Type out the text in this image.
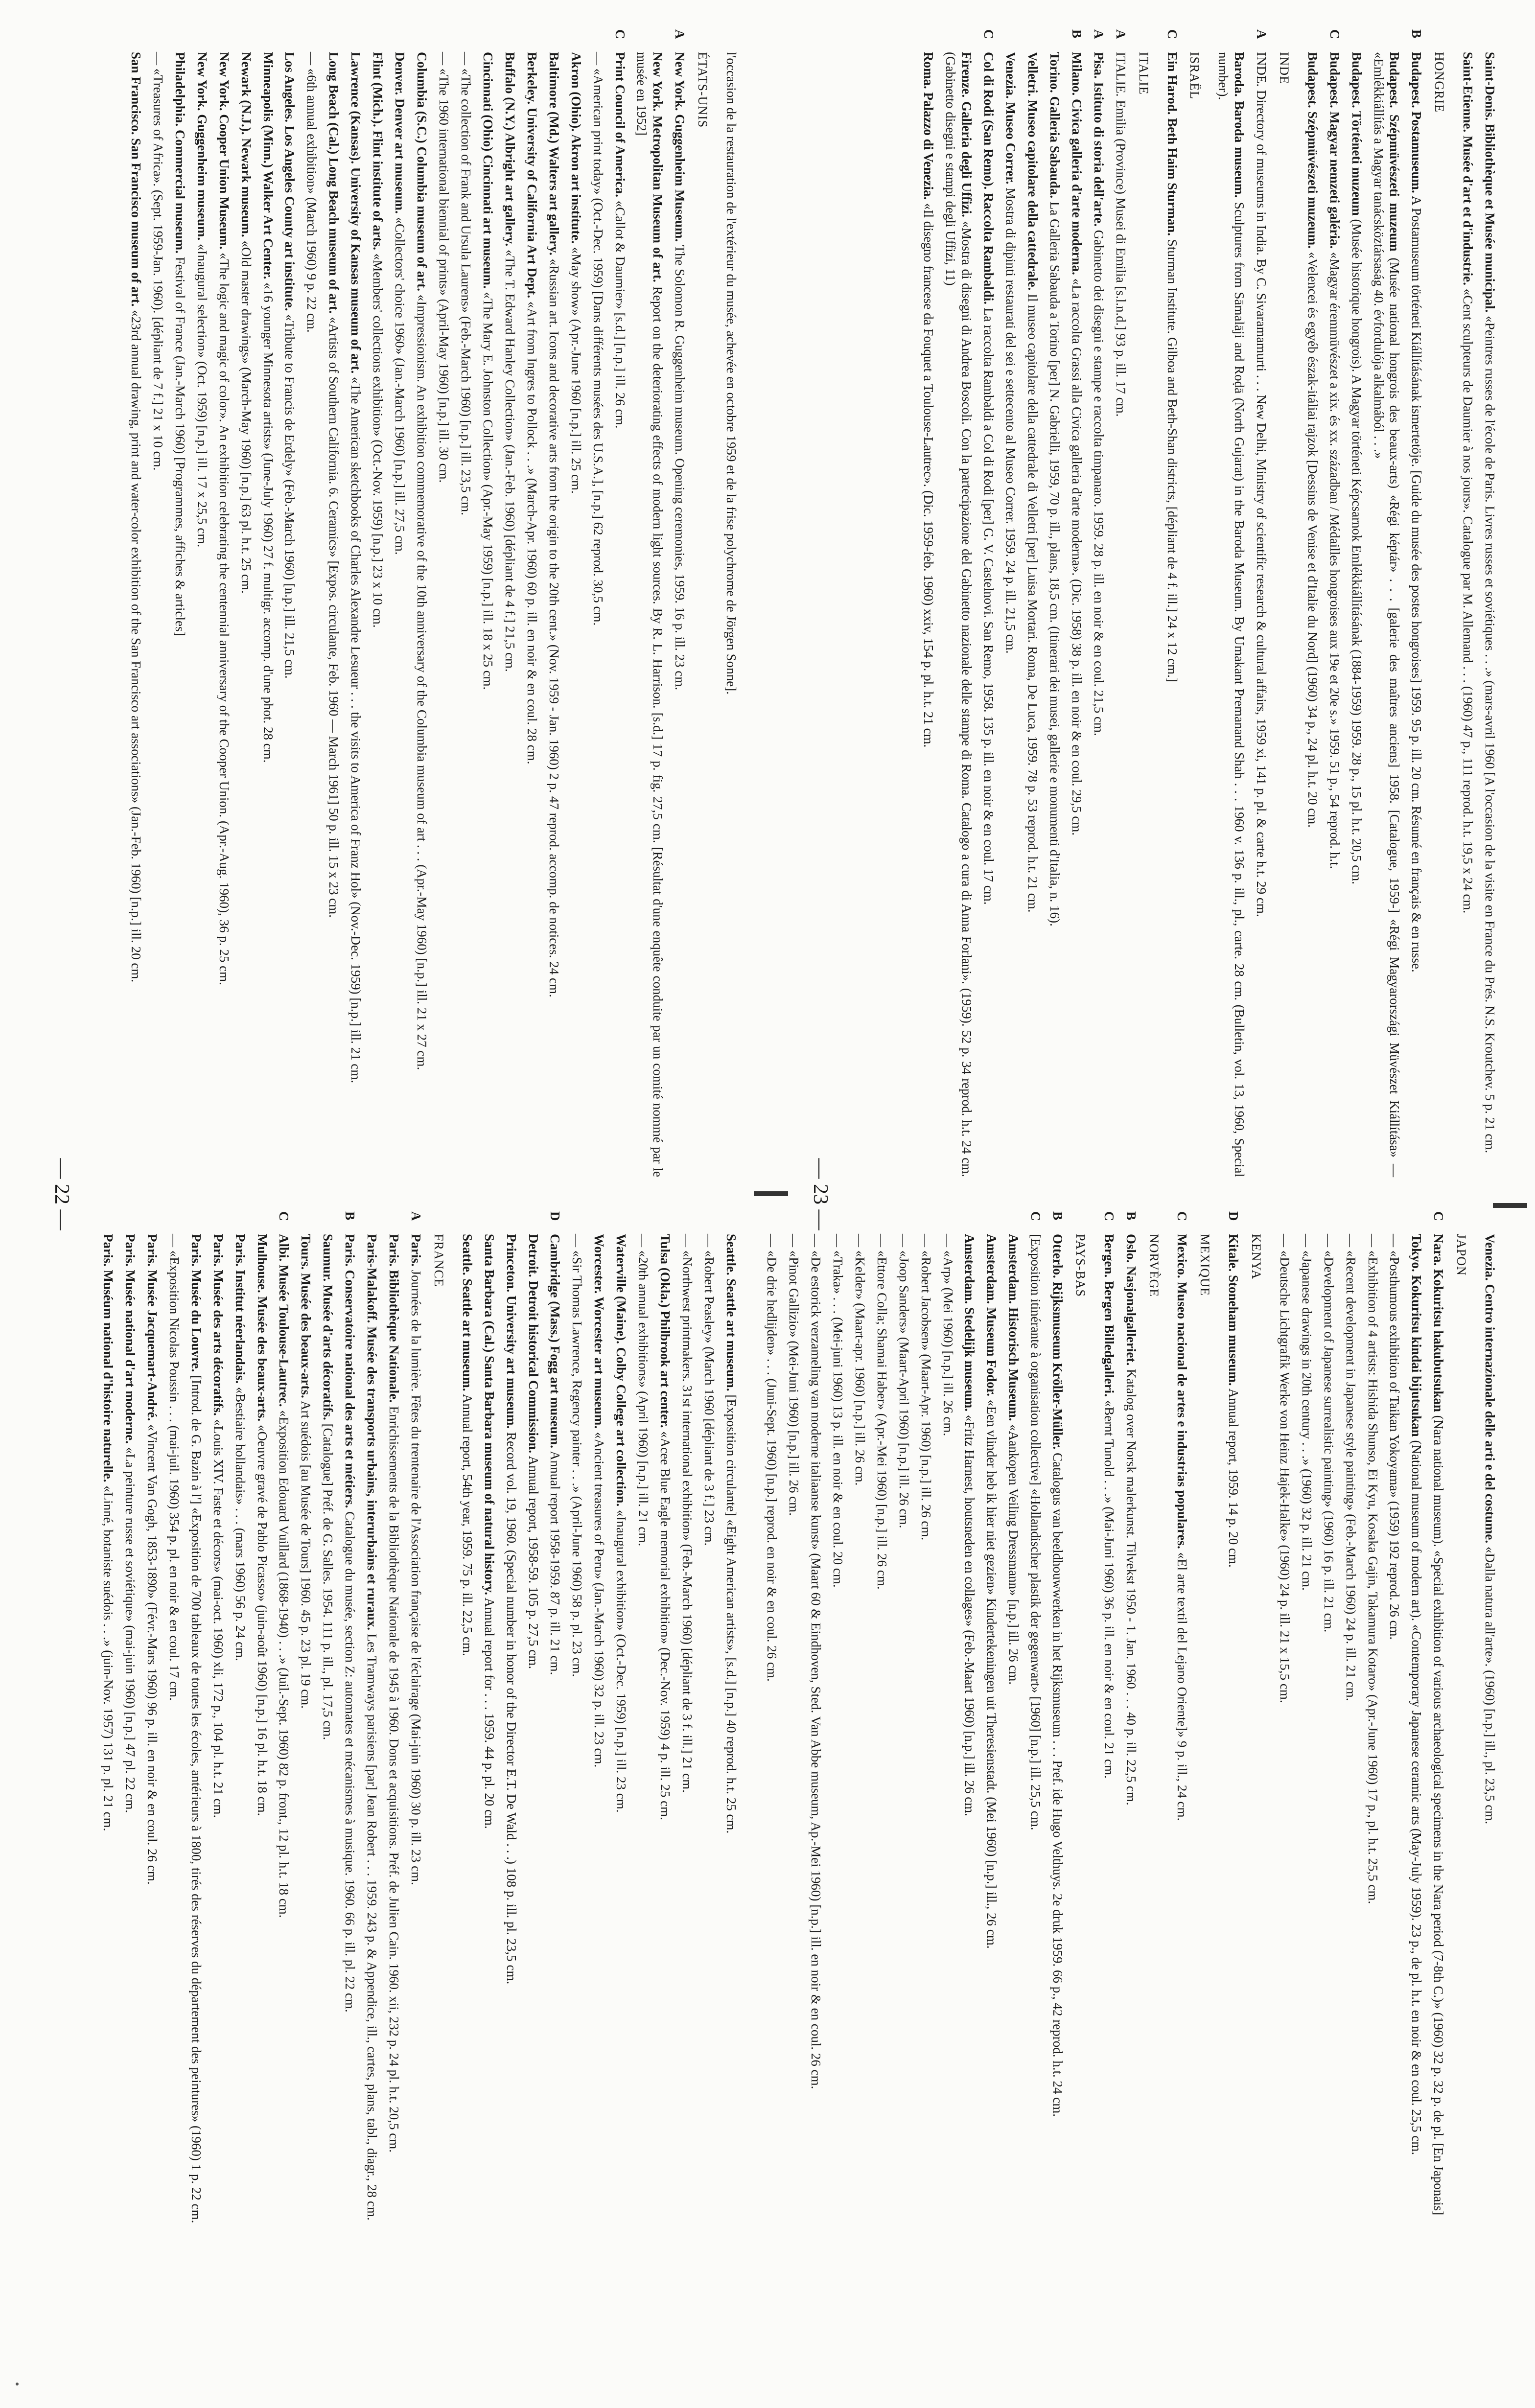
l'occasion de la restauration de l'extérieur du musée, achevée en octobre 1959 et de la frise polychrome de Jörgen Sonne].
ÉTATS-UNIS
A
New York. Guggenheim Museum. The Solomon R. Guggenheim museum. Opening ceremonies, 1959. 16 p. ill. 23 cm.
New York. Metropolitan Museum of art. Report on the deteriorating effects of modern light sources. By R. L. Harrison. [s.d.] 17 p. fig. 27,5 cm. [Résultat d'une enquête conduite par un comité nommé par le musée en 1952]
C
Print Council of America. «Callot & Daumier» [s.d.] [n.p.] ill. 26 cm.
— «American print today» (Oct.-Dec. 1959) [Dans différents musées des U.S.A.], [n.p.] 62 reprod. 30,5 cm.
Akron (Ohio). Akron art institute. «May show» (Apr.-June 1960 [n.p.] ill. 25 cm.
Baltimore (Md.) Walters art gallery. «Russian art. Icons and decorative arts from the origin to the 20th cent.» (Nov. 1959 - Jan. 1960) 2 p. 47 reprod. accomp. de notices. 24 cm.
Berkeley. University of California Art Dept. «Art from Ingres to Pollock . . .» (March-Apr. 1960) 60 p. ill. en noir & en coul. 28 cm.
Buffalo (N.Y.) Albright art gallery. «The T. Edward Hanley Collection» (Jan.-Feb. 1960) [dépliant de 4 f.] 21,5 cm.
Cincinnati (Ohio) Cincinnati art museum. «The Mary E. Johnston Collection» (Apr.-May 1959) [n.p.] ill. 18 x 25 cm.
— «The collection of Frank and Ursula Laurens» (Feb.-March 1960) [n.p.] ill. 23,5 cm.
— «The 1960 international biennial of prints» (April-May 1960) [n.p.] ill. 30 cm.
Columbia (S.C.) Columbia museum of art. «Impressionism. An exhibition commemorative of the 10th anniversary of the Columbia museum of art . . . (Apr.-May 1960) [n.p.] ill. 21 x 27 cm.
Denver. Denver art museum. «Collectors' choice 1960» (Jan.-March 1960) [n.p.] ill. 27,5 cm.
Flint (Mich.). Flint institute of arts. «Members' collections exhibition» (Oct.-Nov. 1959) [n.p.] 23 x 10 cm.
Lawrence (Kansas). University of Kansas museum of art. «The American sketchbooks of Charles Alexandre Lesueur . . . the visits to America of Franz Hol» (Nov.-Dec. 1959) [n.p.] ill. 21 cm.
Long Beach (Cal.) Long Beach museum of art. «Artists of Southern California. 6. Ceramics» [Expos. circulante, Feb. 1960 — March 1961] 50 p. ill. 15 x 23 cm.
— «6th annual exhibition» (March 1960) 9 p. 22 cm.
Los Angeles. Los Angeles County art institute. «Tribute to Francis de Erdely» (Feb.-March 1960) [n.p.] ill. 21,5 cm.
Minneapolis (Minn.) Walker Art Center. «16 younger Minnesota artists» (June-July 1960) 27 f. multigr. accomp. d'une phot. 28 cm.
Newark (N.J.). Newark museum. «Old master drawings» (March-May 1960) [n.p.] 63 pl. h.t. 25 cm.
New York. Cooper Union Museum. «The logic and magic of color». An exhibition celebrating the centennial anniversary of the Cooper Union. (Apr.-Aug. 1960), 36 p. 25 cm.
New York. Guggenheim museum. «Inaugural selection» (Oct. 1959) [n.p.] ill. 17 x 25,5 cm.
Philadelphia. Commercial museum. Festival of France (Jan.-March 1960) [Programmes, affiches & articles]
— «Treasures of Africa». (Sept. 1959-Jan. 1960). [dépliant de 7 f.] 21 x 10 cm.
San Francisco. San Francisco museum of art. «23rd annual drawing, print and water-color exhibition of the San Francisco art associations» (Jan.-Feb. 1960) [n.p.] ill. 20 cm.
Seattle. Seattle art museum. [Exposition circulante] «Eight American artists», [s.d.] [n.p.] 40 reprod. h.t. 25 cm.
— «Robert Peasley» (March 1960 [dépliant de 3 f.] 23 cm.
— «Northwest printmakers. 31st international exhibition» (Feb.-March 1960) [dépliant de 3 f. ill.] 21 cm.
Tulsa (Okla.) Philbrook art center. «Acee Blue Eagle memorial exhibition» (Dec.-Nov. 1959) 4 p. ill. 25 cm.
— «20th annual exhibitions» (April 1960) [n.p.] ill. 21 cm.
Waterville (Maine). Colby College art collection. «Inaugural exhibition» (Oct.-Dec. 1959) [n.p.] ill. 23 cm.
Worcester. Worcester art museum. «Ancient treasures of Peru» (Jan.-March 1960) 32 p. ill. 23 cm.
— «Sir Thomas Lawrence, Regency painter . . .» (April-June 1960) 58 p. pl. 23 cm.
D
Cambridge (Mass.) Fogg art museum. Annual report 1958-1959. 87 p. ill. 21 cm.
Detroit. Detroit historical Commission. Annual report, 1958-59. 105 p. 27,5 cm.
Princeton. University art museum. Record vol. 19, 1960. (Special number in honor of the Director E.T. De Wald . . .) 108 p. ill. pl. 23,5 cm.
Santa Barbara (Cal.) Santa Barbara museum of natural history. Annual report for . . . 1959. 44 p. pl. 20 cm.
Seattle. Seattle art museum. Annual report, 54th year, 1959. 75 p. ill. 22,5 cm.
FRANCE
A
Paris. Journées de la lumière. Fêtes du trentenaire de l'Association française de l'éclairage (Mai-juin 1960) 30 p. ill. 23 cm.
Paris. Bibliothèque Nationale. Enrichissements de la Bibliothèque Nationale de 1945 à 1960. Dons et acquisitions. Préf. de Julien Cain. 1960. xii, 232 p. 24 pl. h.t. 20,5 cm.
Paris-Malakoff. Musée des transports urbains, interurbains et ruraux. Les Tramways parisiens [par] Jean Robert . . . 1959. 243 p. & Appendice, ill., cartes, plans, tabl., diagr., 28 cm.
B
Paris. Conservatoire national des arts et métiers. Catalogue du musée, section Z: automates et mécanismes à musique. 1960. 66 p. ill. pl. 22 cm.
Saumur. Musée d'arts décoratifs. [Catalogue] Préf. de G. Salles. 1954. 111 p. ill., pl. 17,5 cm.
Tours. Musée des beaux-arts. Art suédois [au Musée de Tours] 1960. 45 p. 23 pl. 19 cm.
C
Albi. Musée Toulouse-Lautrec. «Exposition Edouard Vuillard (1868-1940) . . .» (Juil.-Sept. 1960) 82 p. front., 12 pl. h.t. 18 cm.
Mulhouse. Musée des beaux-arts. «Oeuvre gravé de Pablo Picasso» (juin-août 1960) [n.p.] 16 pl. h.t. 18 cm.
Paris. Institut néerlandais. «Bestiaire hollandais» . . . (mars 1960) 56 p. 24 cm.
Paris. Musée des arts décoratifs. «Louis XIV. Faste et décors» (mai-oct. 1960) xli, 172 p., 104 pl. h.t. 21 cm.
Paris. Musée du Louvre. [Introd. de G. Bazin à l'] «Exposition de 700 tableaux de toutes les écoles, antérieurs à 1800, tirés des réserves du département des peintures» (1960) 1 p. 22 cm.
— «Exposition Nicolas Poussin . . . (mai-juil. 1960) 354 p. pl. en noir & en coul. 17 cm.
Paris. Musée Jacquemart-André. «Vincent Van Gogh, 1853-1890» (Févr.-Mars 1960) 96 p. ill. en noir & en coul. 26 cm.
Paris. Musée national d'art moderne. «La peinture russe et soviétique» (mai-juin 1960) [n.p.] 47 pl. 22 cm.
Paris. Muséum national d'histoire naturelle. «Linné, botaniste suédois . . .» (juin-Nov. 1957) 131 p. pl. 21 cm.
— 22 —
Saint-Denis. Bibliothèque et Musée municipal. «Peintres russes de l'école de Paris. Livres russes et soviétiques . . .» (mars-avril 1960 [A l'occasion de la visite en France du Prés. N.S. Kroutchev. 5 p. 21 cm.
Saint-Etienne. Musée d'art et d'industrie. «Cent sculpteurs de Daumier à nos jours». Catalogue par M. Allemand . . . (1960) 47 p., 111 reprod. h.t. 19,5 x 24 cm.
HONGRIE
B
Budapest. Postamuseum. A Postamuseum történeti Kiállításának ismertetöje. [Guide du musée des postes hongroises] 1959. 95 p. ill. 20 cm. Résumé en français & en russe.
Budapest. Szépmüvészeti muzeum (Musée national hongrois des beaux-arts) «Régi képtár» . . . [galerie des maîtres anciens] 1958. [Catalogue, 1959-] «Régi Magyarországi Müvészet Kiállítása» — «Emlékkiállítás a Magyar tanácsköztársaság 40. évfordulója alkalmából . . .»
Budapest. Történeti muzeum (Musée historique hongrois). A Magyar történeti Képcsarnok Emlékkiállításának (1884-1959) 1959. 28 p., 15 pl. h.t. 20,5 cm.
C
Budapest. Magyar nemzeti galéria. «Magyar éremmüvészet a xix. és xx. században / Médailles hongroises aux 19e et 20e s.» 1959. 51 p., 54 reprod. h.t.
Budapest. Szépmüvészeti muzeum. «Velencei és egyéb észak-itáliai rajzok [Dessins de Venise et d'Italie du Nord] (1960) 34 p., 24 pl. h.t. 20 cm.
INDE
A
INDE. Directory of museums in India. By C. Sivaramamurti . . . New Delhi, Ministry of scientific research & cultural affairs, 1959 xi, 141 p. pl. & carte h.t. 29 cm.
Baroda. Baroda museum. Sculptures from Sāmalāji and Roḍā (North Gujarat) in the Baroda Museum. By Umakant Premanand Shah . . . 1960 v. 136 p. ill., pl., carte. 28 cm. (Bulletin, vol. 13, 1960, Special number).
ISRAËL
C
Ein Harod. Beth Haim Sturman. Sturman Institute. Gilboa and Beth-Shan districts, [dépliant de 4 f. ill.] 24 x 12 cm.]
ITALIE
A
ITALIE. Emilia (Province) Musei di Emilia [s.l.n.d.] 93 p. ill. 17 cm.
A
Pisa. Istituto di storia dell'arte. Gabinetto dei disegni e stampe e raccolta timpanaro. 1959. 28 p. ill. en noir & en coul. 21,5 cm.
B
Milano. Civica galleria d'arte moderna. «La raccolta Grassi alla Civica galleria d'arte moderna». (Dic. 1958) 38 p. ill. en noir & en coul. 29,5 cm.
Torino. Galleria Sabauda. La Galleria Sabauda a Torino [per] N. Gabrielli, 1959, 70 p. ill., plans, 18,5 cm. (Itinerari dei musei, gallerie e monumenti d'Italia, n. 16).
Velletri. Museo capitolare della cattedrale. Il museo capitolare della cattedrale di Velletri [per] Luisa Mortari. Roma, De Luca, 1959. 78 p. 53 reprod. h.t. 21 cm.
Venezia. Museo Correr. Mostra di dipinti restaurati del sei e settecento al Museo Correr. 1959. 24 p. ill. 21,5 cm.
C
Col di Rodi (San Remo). Raccolta Rambaldi. La raccolta Rambaldi a Col di Rodi [per] G. V. Castelnovi. San Remo, 1958. 135 p. ill. en noir & en coul. 17 cm.
Firenze. Galleria degli Uffizi. «Mostra di disegni di Andrea Boscoli. Con la partecipazione del Gabinetto nazionale delle stampe di Roma. Catalogo a cura di Anna Forlani». (1959). 52 p. 34 reprod. h.t. 24 cm. (Gabinetto disegni e stampi degli Uffizi, 11)
Roma. Palazzo di Venezia. «Il disegno francese da Fouquet a Toulouse-Lautrec». (Dic. 1959-feb. 1960) xxiv, 154 p. pl. h.t. 21 cm.
Venezia. Centro internazionale delle arti e del costume. «Dalla natura all'arte». (1960) [n.p.] ill., pl. 23,5 cm.
JAPON
C
Nara. Kokuritsu hakubutsukan (Nara national museum). «Special exhibition of various archaeological specimens in the Nara period (7-8th C.)» (1960) 32 p. 32 p. de pl. [En Japonais]
Tokyo. Kokuritsu kindai bijutsukan (National museum of modern art). «Contemporary Japanese ceramic arts (May-July 1959). 23 p., de pl. h.t. en noir & en coul. 25,5 cm.
— «Posthumous exhibition of Taikan Yokoyama» (1959) 192 reprod. 26 cm.
— «Exhibition of 4 artists: Hishida Shunso, Ei Kyu, Kosaka Gajin, Takamura Kotaro» (Apr.-June 1960) 17 p., pl. h.t. 25,5 cm.
— «Recent development in Japanese style painting» (Feb.-March 1960) 24 p. ill. 21 cm.
— «Development of Japanese surrealistic painting» (1960) 16 p. ill. 21 cm.
— «Japanese drawings in 20th century . . .» (1960) 32 p. ill. 21 cm.
— «Deutsche Lichtgrafik Werke von Heinz Hajek-Halke» (1960) 24 p. ill. 21 x 15,5 cm.
KENYA
D
Kitale. Stoneham museum. Annual report, 1959. 14 p. 20 cm.
MEXIQUE
C
Mexico. Museo nacional de artes e industrias populares. «El arte textil del Lejano Oriente]» 9 p. ill., 24 cm.
NORVÈGE
B
Oslo. Nasjonalgalleriet. Katalog over Norsk malerkunst. Tilvekst 1950 - 1. Jan. 1960 . . . 40 p. ill. 22,5 cm.
C
Bergen. Bergen Billedgalleri. «Bernt Tunold . . .» (Mai-Juni 1960) 36 p. ill. en noir & en coul. 21 cm.
PAYS-BAS
B
Otterlo. Rijksmuseum Kröller-Müller. Catalogus van beeldhouwwerken in het Rijksmuseum . . . Pref. ide Hugo Velthuys. 2e druk 1959. 66 p., 42 reprod. h.t. 24 cm.
C
[Exposition itinérante à organisation collective] «Hollandischer plastik der gegenwart» [1960] [n.p.] ill. 25,5 cm.
Amsterdam. Historisch Museum. «Aankopen Veiling Dressmann» [n.p.] ill. 26 cm.
Amsterdam. Museum Fodor. «Een vlinder heb ik hier niet gezien» Kindertekeningen uit Theresienstadt. (Mei 1960) [n.p.] ill., 26 cm.
Amsterdam. Stedelijk museum. «Fritz Harnest, houtsneden en collages» (Feb.-Maart 1960) [n.p.] ill. 26 cm.
— «Arp» (Mei 1960) [n.p.] ill. 26 cm.
— «Robert Jacobsen» (Maart-Apr. 1960) [n.p.] ill. 26 cm.
— «Joop Sanders» (Maart-April 1960) [n.p.] ill. 26 cm.
— «Ettore Colla; Shamai Haber» (Apr.-Mei 1960) [n.p.] ill. 26 cm.
— «Kelder» (Maart-apr. 1960) [n.p.] ill. 26 cm.
— «Traka» . . . (Mei-juni 1960) 13 p. ill. en noir & en coul. 20 cm.
— «De estorick verzameling van moderne italiaanse kunst» (Maart 60 & Eindhoven, Sted. Van Abbe museum, Ap.-Mei 1960) [n.p.] ill. en noir & en coul. 26 cm.
— «Pinot Gallizio» (Mei-Juni 1960) [n.p.] ill. 26 cm.
— «De drie hedlijden» . . . (Juni-Sept. 1960) [n.p.] reprod. en noir & en coul. 26 cm.
— 23 —
